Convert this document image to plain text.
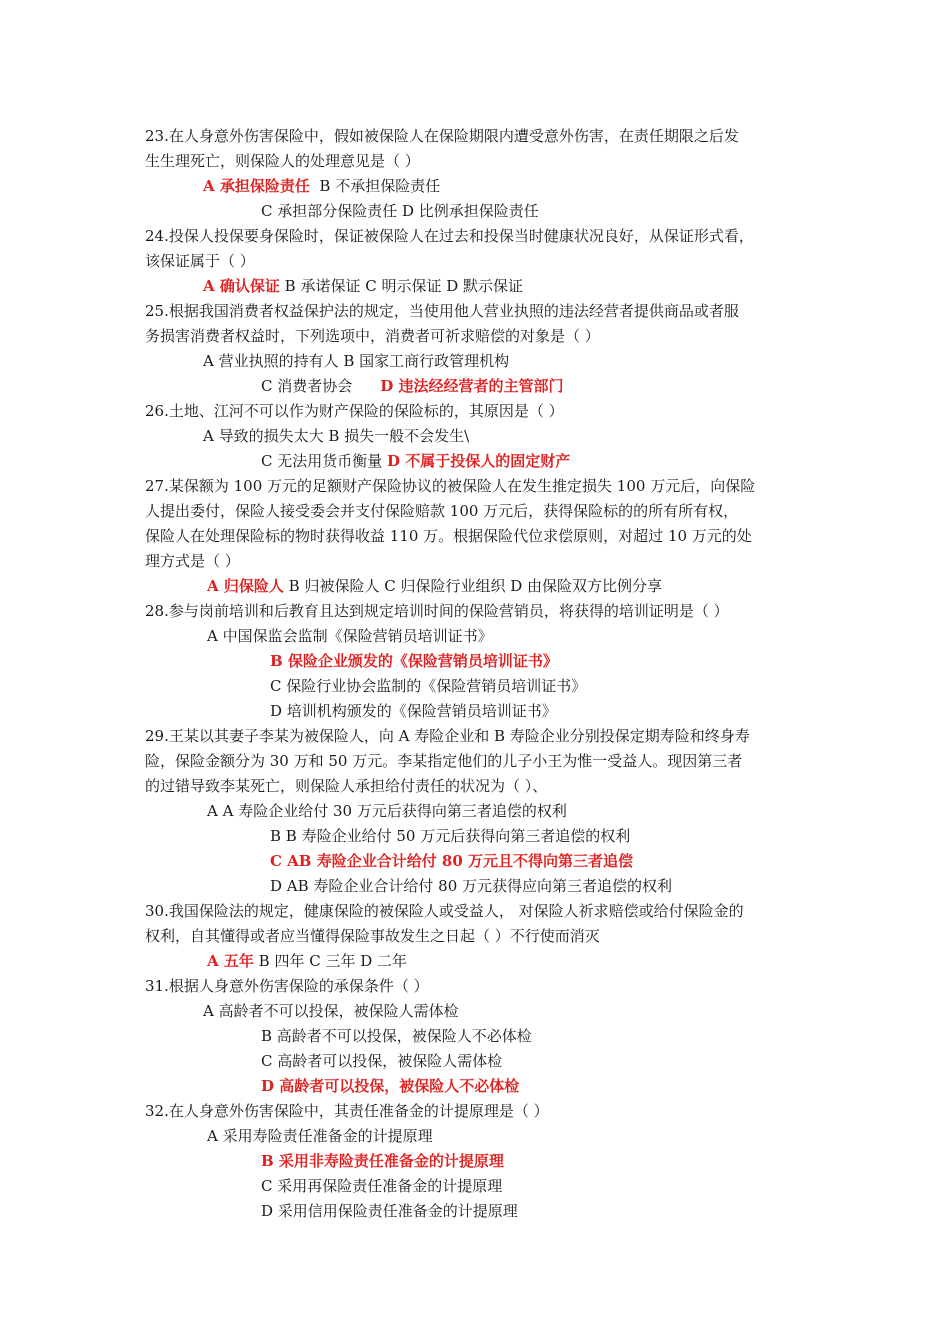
23.在人身意外伤害保险中，假如被保险人在保险期限内遭受意外伤害，在责任期限之后发
生生理死亡，则保险人的处理意见是（ ）
A 承担保险责任 B 不承担保险责任
C 承担部分保险责任 D 比例承担保险责任
24.投保人投保要身保险时，保证被保险人在过去和投保当时健康状况良好，从保证形式看，
该保证属于（ ）
A 确认保证 B 承诺保证 C 明示保证 D 默示保证
25.根据我国消费者权益保护法的规定，当使用他人营业执照的违法经营者提供商品或者服
务损害消费者权益时，下列选项中，消费者可祈求赔偿的对象是（ ）
A 营业执照的持有人 B 国家工商行政管理机构
C 消费者协会 D 违法经经营者的主管部门
26.土地、江河不可以作为财产保险的保险标的，其原因是（ ）
A 导致的损失太大 B 损失一般不会发生\
C 无法用货币衡量 D 不属于投保人的固定财产
27.某保额为 100 万元的足额财产保险协议的被保险人在发生推定损失 100 万元后，向保险
人提出委付，保险人接受委会并支付保险赔款 100 万元后，获得保险标的的所有所有权，
保险人在处理保险标的物时获得收益 110 万。根据保险代位求偿原则，对超过 10 万元的处
理方式是（ ）
A 归保险人 B 归被保险人 C 归保险行业组织 D 由保险双方比例分享
28.参与岗前培训和后教育且达到规定培训时间的保险营销员，将获得的培训证明是（ ）
A 中国保监会监制《保险营销员培训证书》
B 保险企业颁发的《保险营销员培训证书》
C 保险行业协会监制的《保险营销员培训证书》
D 培训机构颁发的《保险营销员培训证书》
29.王某以其妻子李某为被保险人，向 A 寿险企业和 B 寿险企业分别投保定期寿险和终身寿
险，保险金额分为 30 万和 50 万元。李某指定他们的儿子小王为惟一受益人。现因第三者
的过错导致李某死亡，则保险人承担给付责任的状况为（ ）、
A A 寿险企业给付 30 万元后获得向第三者追偿的权利
B B 寿险企业给付 50 万元后获得向第三者追偿的权利
C AB 寿险企业合计给付 80 万元且不得向第三者追偿
D AB 寿险企业合计给付 80 万元获得应向第三者追偿的权利
30.我国保险法的规定，健康保险的被保险人或受益人， 对保险人祈求赔偿或给付保险金的
权利，自其懂得或者应当懂得保险事故发生之日起（ ）不行使而消灭
A 五年 B 四年 C 三年 D 二年
31.根据人身意外伤害保险的承保条件（ ）
A 高龄者不可以投保，被保险人需体检
B 高龄者不可以投保，被保险人不必体检
C 高龄者可以投保，被保险人需体检
D 高龄者可以投保，被保险人不必体检
32.在人身意外伤害保险中，其责任准备金的计提原理是（ ）
A 采用寿险责任准备金的计提原理
B 采用非寿险责任准备金的计提原理
C 采用再保险责任准备金的计提原理
D 采用信用保险责任准备金的计提原理
